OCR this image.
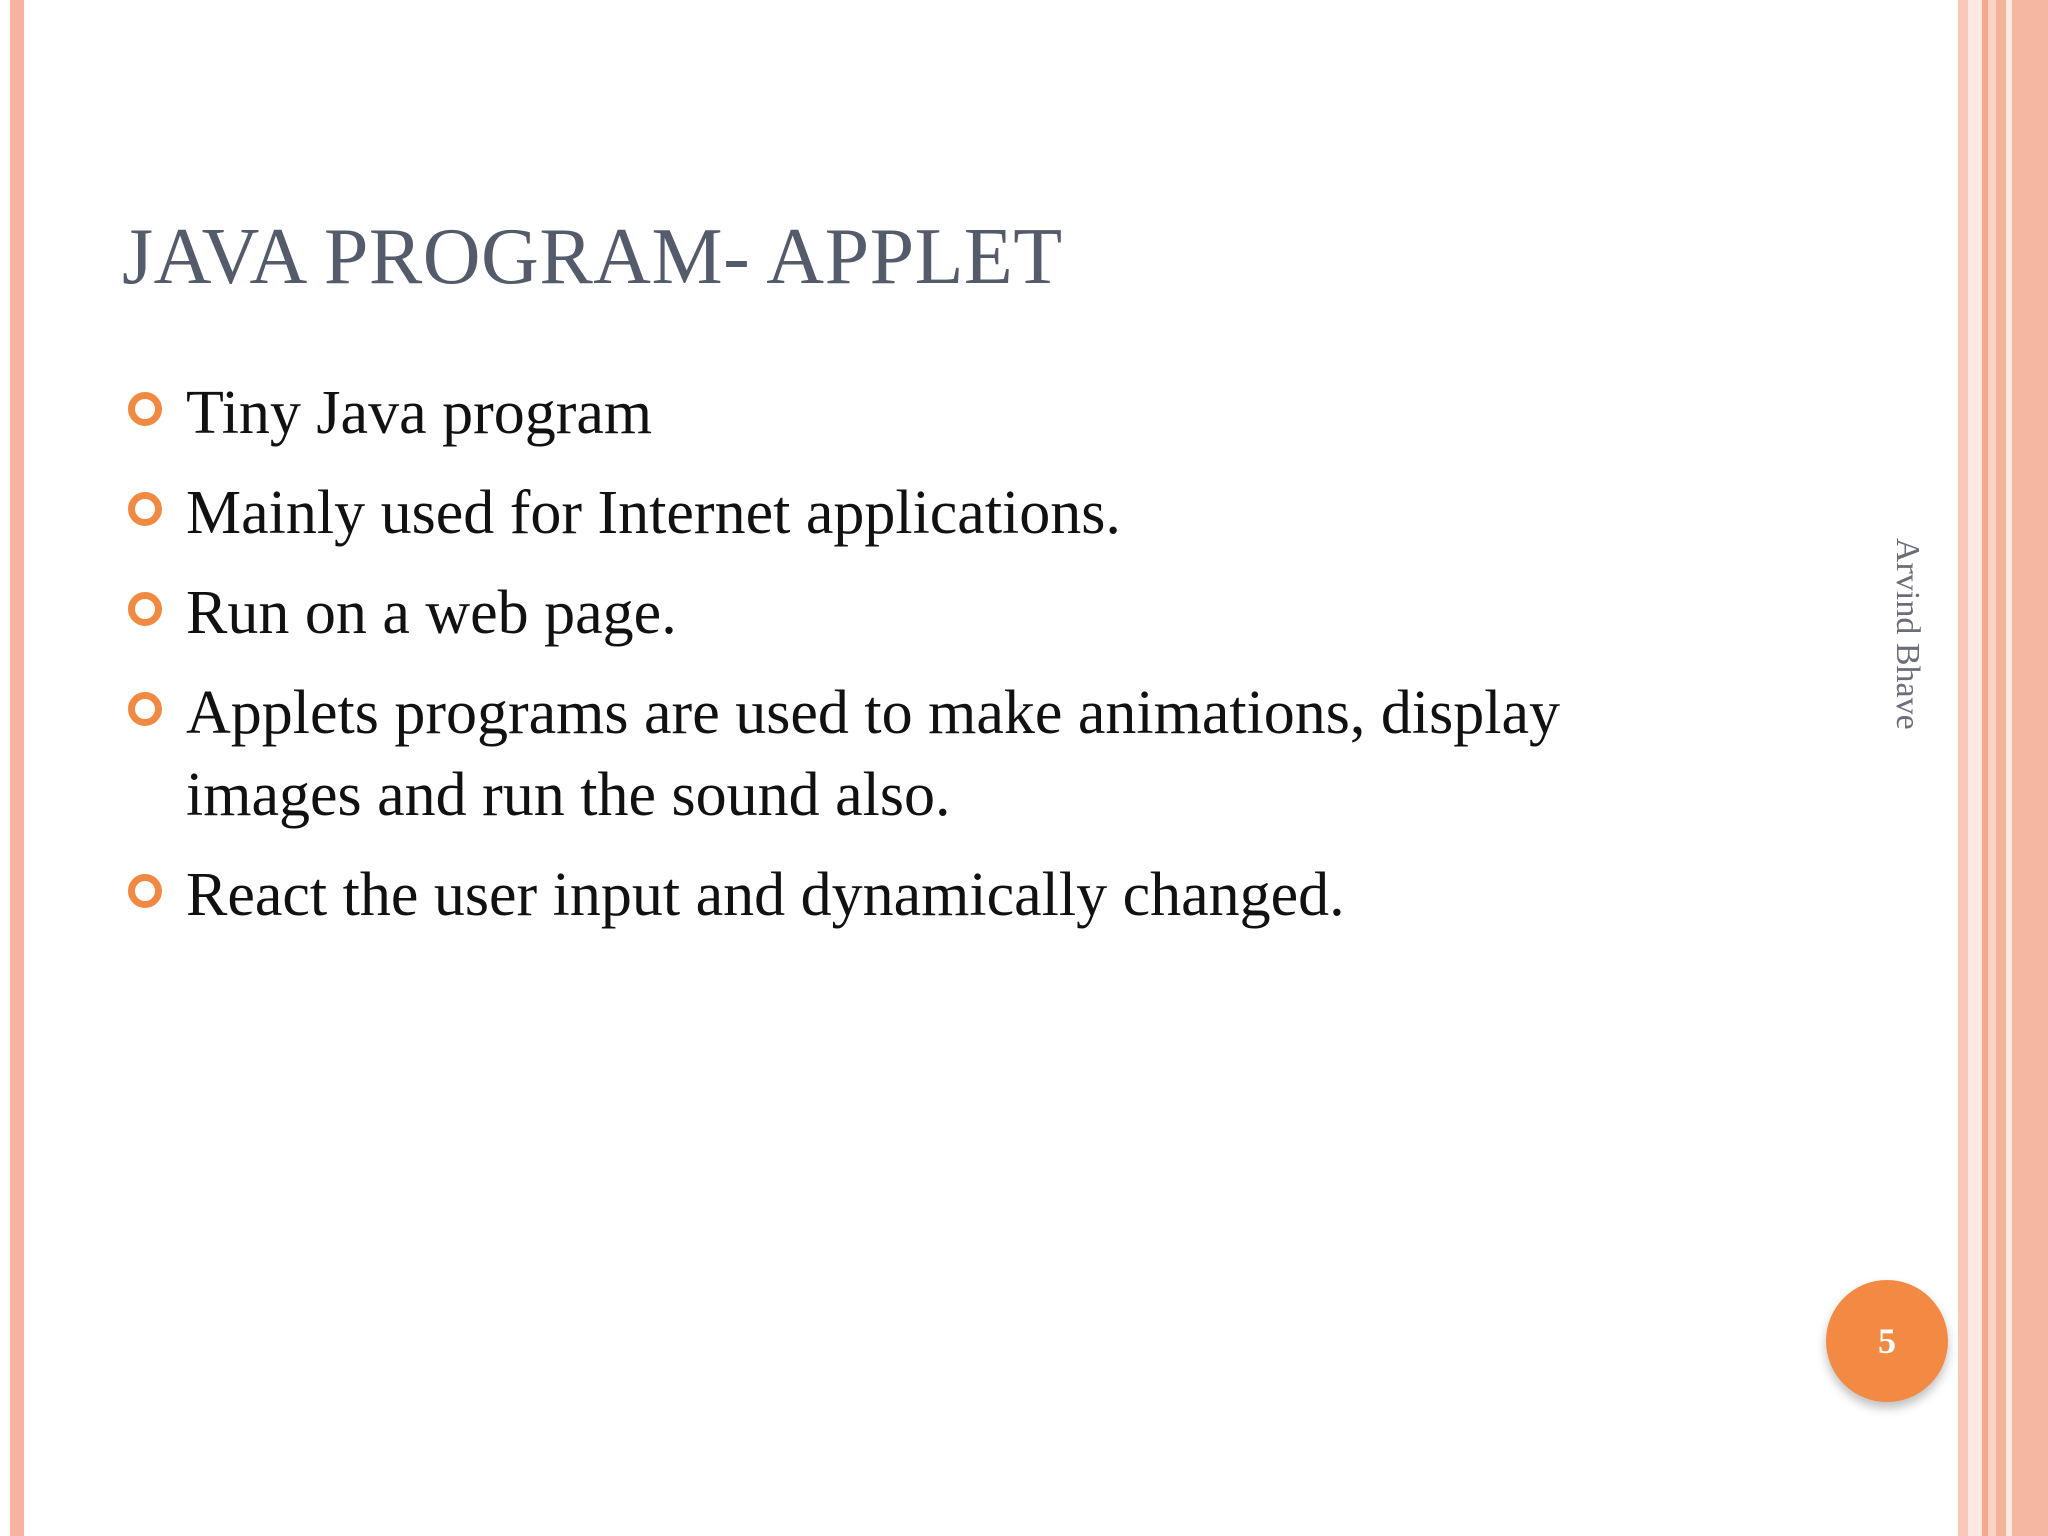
JAVA PROGRAM- APPLET
Tiny Java program
Mainly used for Internet applications.
Run on a web page.
Applets programs are used to make animations, display images and run the sound also.
React the user input and dynamically changed.
Arvind Bhave
5
